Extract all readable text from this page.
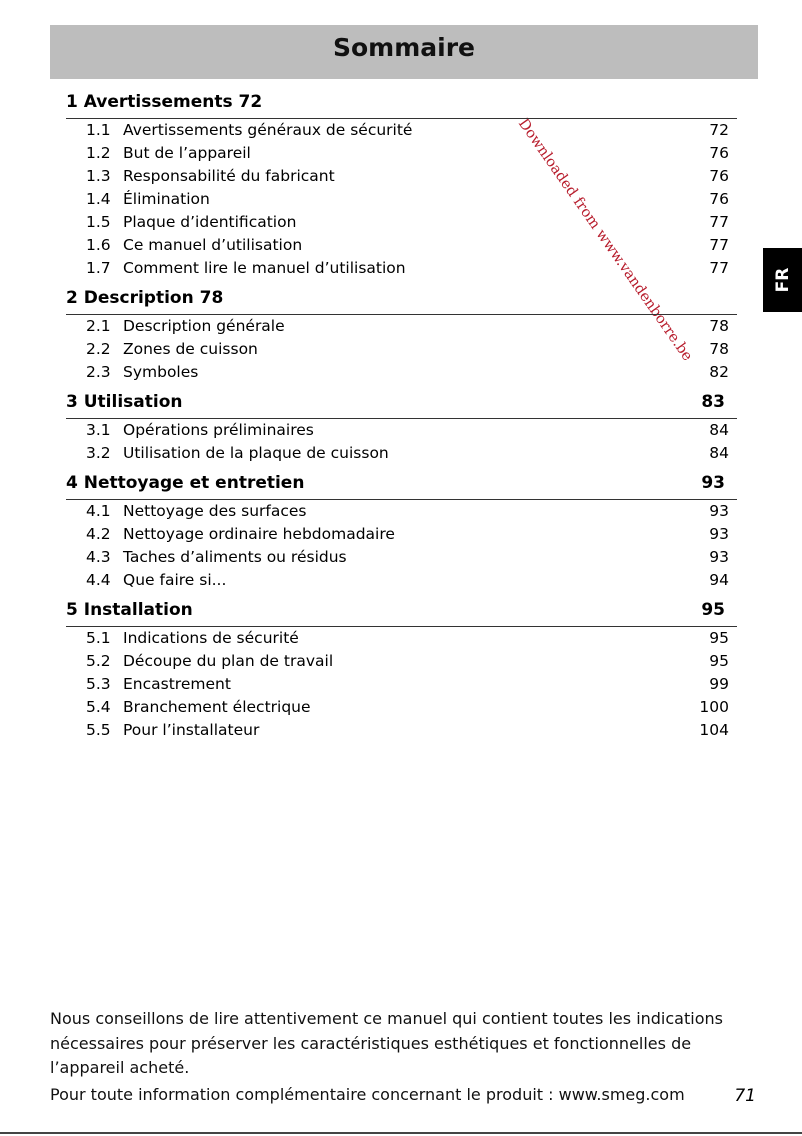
Sommaire
Downloaded from www.vandenborre.be	FR
1 Avertissements 72
1.1 Avertissements généraux de sécurité	72
1.2 But de l’appareil	76
1.3 Responsabilité du fabricant	76
1.4 Élimination	76
1.5 Plaque d’identification	77
1.6 Ce manuel d’utilisation	77
1.7 Comment lire le manuel d’utilisation	77
2 Description 78
2.1 Description générale	78
2.2 Zones de cuisson	78
2.3 Symboles	82
3 Utilisation	83
3.1 Opérations préliminaires	84
3.2 Utilisation de la plaque de cuisson	84
4 Nettoyage et entretien	93
4.1 Nettoyage des surfaces	93
4.2 Nettoyage ordinaire hebdomadaire	93
4.3 Taches d’aliments ou résidus	93
4.4 Que faire si...	94
5 Installation	95
5.1 Indications de sécurité	95
5.2 Découpe du plan de travail	95
5.3 Encastrement	99
5.4 Branchement électrique	100
5.5 Pour l’installateur	104

Nous conseillons de lire attentivement ce manuel qui contient toutes les indications nécessaires pour préserver les caractéristiques esthétiques et fonctionnelles de l’appareil acheté.

Pour toute information complémentaire concernant le produit : www.smeg.com	71
